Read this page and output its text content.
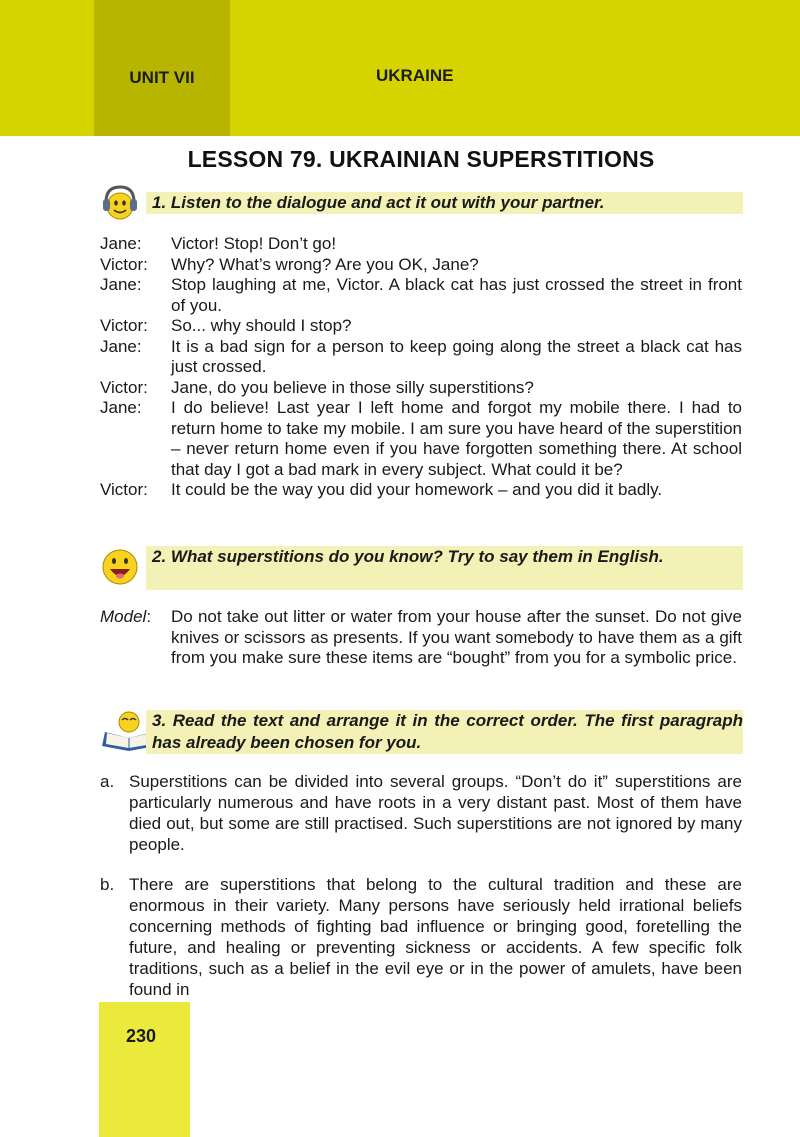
UNIT VII	UKRAINE
LESSON 79. UKRAINIAN SUPERSTITIONS
1. Listen to the dialogue and act it out with your partner.
Jane:	Victor! Stop! Don’t go!
Victor:	Why? What’s wrong? Are you OK, Jane?
Jane:	Stop laughing at me, Victor. A black cat has just crossed the street in front of you.
Victor:	So... why should I stop?
Jane:	It is a bad sign for a person to keep going along the street a black cat has just crossed.
Victor:	Jane, do you believe in those silly superstitions?
Jane:	I do believe! Last year I left home and forgot my mobile there. I had to return home to take my mobile. I am sure you have heard of the superstition – never return home even if you have forgotten something there. At school that day I got a bad mark in every subject. What could it be?
Victor:	It could be the way you did your homework – and you did it badly.
2. What superstitions do you know? Try to say them in English.
Model:	Do not take out litter or water from your house after the sunset. Do not give knives or scissors as presents. If you want somebody to have them as a gift from you make sure these items are “bought” from you for a symbolic price.
3. Read the text and arrange it in the correct order. The first paragraph has already been chosen for you.
a. Superstitions can be divided into several groups. “Don’t do it” superstitions are particularly numerous and have roots in a very distant past. Most of them have died out, but some are still practised. Such superstitions are not ignored by many people.
b. There are superstitions that belong to the cultural tradition and these are enormous in their variety. Many persons have seriously held irrational beliefs concerning methods of fighting bad influence or bringing good, foretelling the future, and healing or preventing sickness or accidents. A few specific folk traditions, such as a belief in the evil eye or in the power of amulets, have been found in
230
